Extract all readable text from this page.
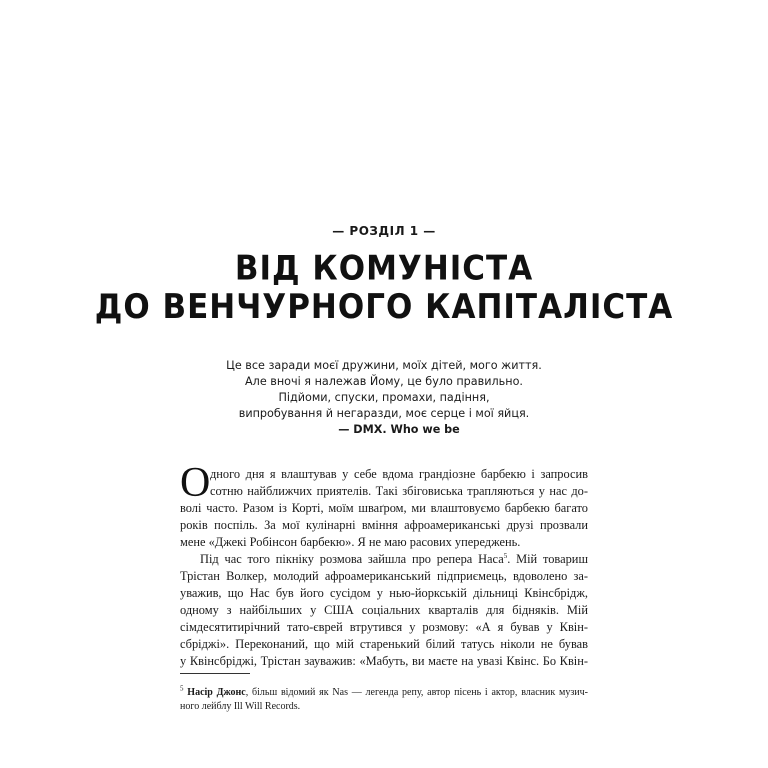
— РОЗДІЛ 1 —
ВІД КОМУНІСТА
ДО ВЕНЧУРНОГО КАПІТАЛІСТА
Це все заради моєї дружини, моїх дітей, мого життя.
Але вночі я належав Йому, це було правильно.
Підйоми, спуски, промахи, падіння,
випробування й негаразди, моє серце і мої яйця.
— DMX. Who we be
О дного дня я влаштував у себе вдома грандіозне барбекю і запросив
сотню найближчих приятелів. Такі збіговиська трапляються у нас до-
волі часто. Разом із Корті, моїм шваґром, ми влаштовуємо барбекю багато
років поспіль. За мої кулінарні вміння афроамериканські друзі прозвали
мене «Джекі Робінсон барбекю». Я не маю расових упереджень.
Під час того пікніку розмова зайшла про репера Наса$^5$. Мій товариш
Трістан Волкер, молодий афроамериканський підприємець, вдоволено за-
уважив, що Нас був його сусідом у нью-йоркській дільниці Квінсбрідж,
одному з найбільших у США соціальних кварталів для бідняків. Мій
сімдесятитирічний тато-єврей втрутився у розмову: «А я бував у Квін-
сбріджі». Переконаний, що мій старенький білий татусь ніколи не бував
у Квінсбріджі, Трістан зауважив: «Мабуть, ви маєте на увазі Квінс. Бо Квін-
$^5$ Насір Джонс, більш відомий як Nas — легенда репу, автор пісень і актор, власник музич-
ного лейблу Ill Will Records.
